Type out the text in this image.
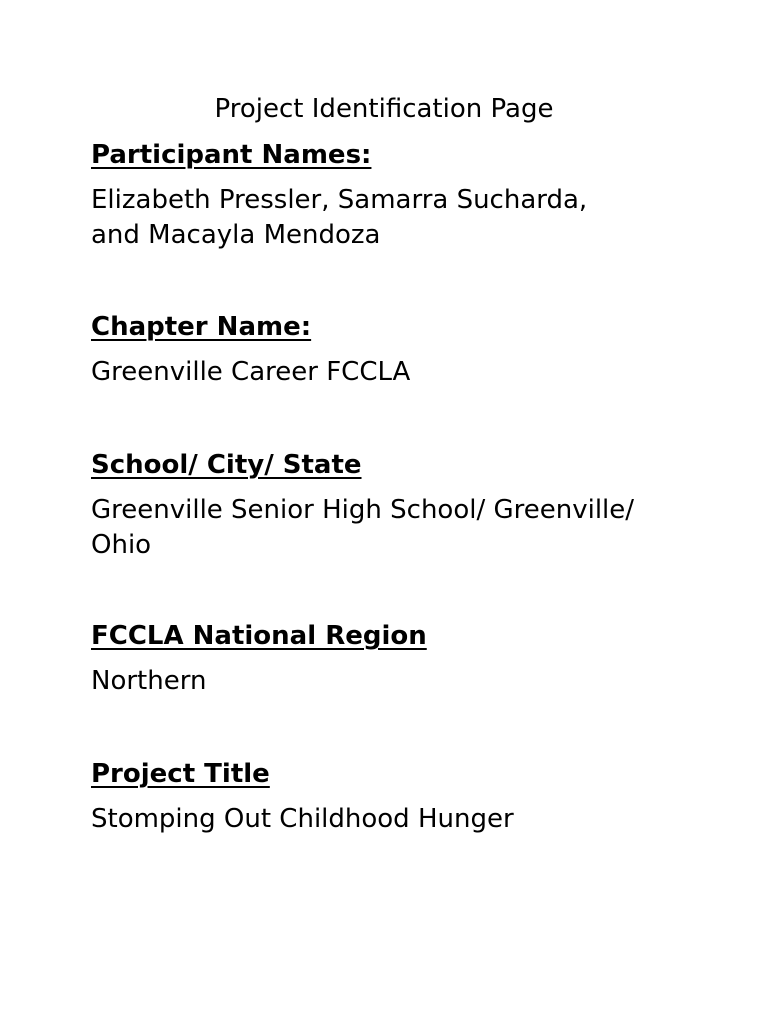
Project Identification Page

Participant Names:

Elizabeth Pressler, Samarra Sucharda,
and Macayla Mendoza

Chapter Name:

Greenville Career FCCLA

School/ City/ State

Greenville Senior High School/ Greenville/
Ohio

FCCLA National Region

Northern

Project Title

Stomping Out Childhood Hunger
